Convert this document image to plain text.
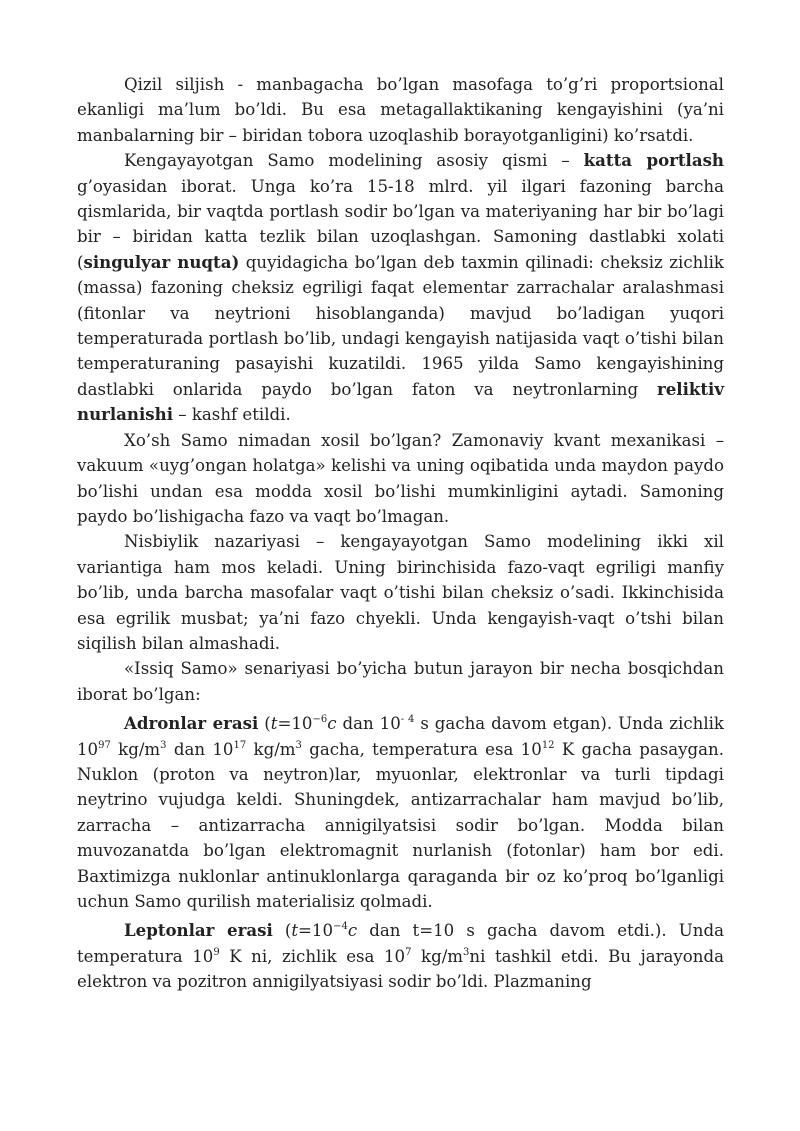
Qizil siljish - manbagacha bo’lgan masofaga to’g’ri proportsional ekanligi ma’lum bo’ldi. Bu esa metagallaktikaning kengayishini (ya’ni manbalarning bir – biridan tobora uzoqlashib borayotganligini) ko’rsatdi.

Kengayayotgan Samo modelining asosiy qismi – katta portlash g’oyasidan iborat. Unga ko’ra 15-18 mlrd. yil ilgari fazoning barcha qismlarida, bir vaqtda portlash sodir bo’lgan va materiyaning har bir bo’lagi bir – biridan katta tezlik bilan uzoqlashgan. Samoning dastlabki xolati (singulyar nuqta) quyidagicha bo’lgan deb taxmin qilinadi: cheksiz zichlik (massa) fazoning cheksiz egriligi faqat elementar zarrachalar aralashmasi (fitonlar va neytrioni hisoblanganda) mavjud bo’ladigan yuqori temperaturada portlash bo’lib, undagi kengayish natijasida vaqt o’tishi bilan temperaturaning pasayishi kuzatildi. 1965 yilda Samo kengayishining dastlabki onlarida paydo bo’lgan faton va neytronlarning reliktiv nurlanishi – kashf etildi.

Xo’sh Samo nimadan xosil bo’lgan? Zamonaviy kvant mexanikasi – vakuum «uyg’ongan holatga» kelishi va uning oqibatida unda maydon paydo bo’lishi undan esa modda xosil bo’lishi mumkinligini aytadi. Samoning paydo bo’lishigacha fazo va vaqt bo’lmagan.

Nisbiylik nazariyasi – kengayayotgan Samo modelining ikki xil variantiga ham mos keladi. Uning birinchisida fazo-vaqt egriligi manfiy bo’lib, unda barcha masofalar vaqt o’tishi bilan cheksiz o’sadi. Ikkinchisida esa egrilik musbat; ya’ni fazo chyekli. Unda kengayish-vaqt o’tshi bilan siqilish bilan almashadi.

«Issiq Samo» senariyasi bo’yicha butun jarayon bir necha bosqichdan iborat bo’lgan:

Adronlar erasi ($t=10^{-6}c$ dan $10^{- 4}$ s gacha davom etgan). Unda zichlik $10^{97}$ $kg/m^3$ dan $10^{17}$ $kg/m^3$ gacha, temperatura esa $10^{12}$ K gacha pasaygan. Nuklon (proton va neytron)lar, myuonlar, elektronlar va turli tipdagi neytrino vujudga keldi. Shuningdek, antizarrachalar ham mavjud bo’lib, zarracha – antizarracha annigilyatsisi sodir bo’lgan. Modda bilan muvozanatda bo’lgan elektromagnit nurlanish (fotonlar) ham bor edi. Baxtimizga nuklonlar antinuklonlarga qaraganda bir oz ko’proq bo’lganligi uchun Samo qurilish materialisiz qolmadi.

Leptonlar erasi ($t=10^{-4}c$ dan t=10 s gacha davom etdi.). Unda temperatura $10^9$ K ni, zichlik esa $10^7$ $kg/m^3ni$ tashkil etdi. Bu jarayonda elektron va pozitron annigilyatsiyasi sodir bo’ldi. Plazmaning
